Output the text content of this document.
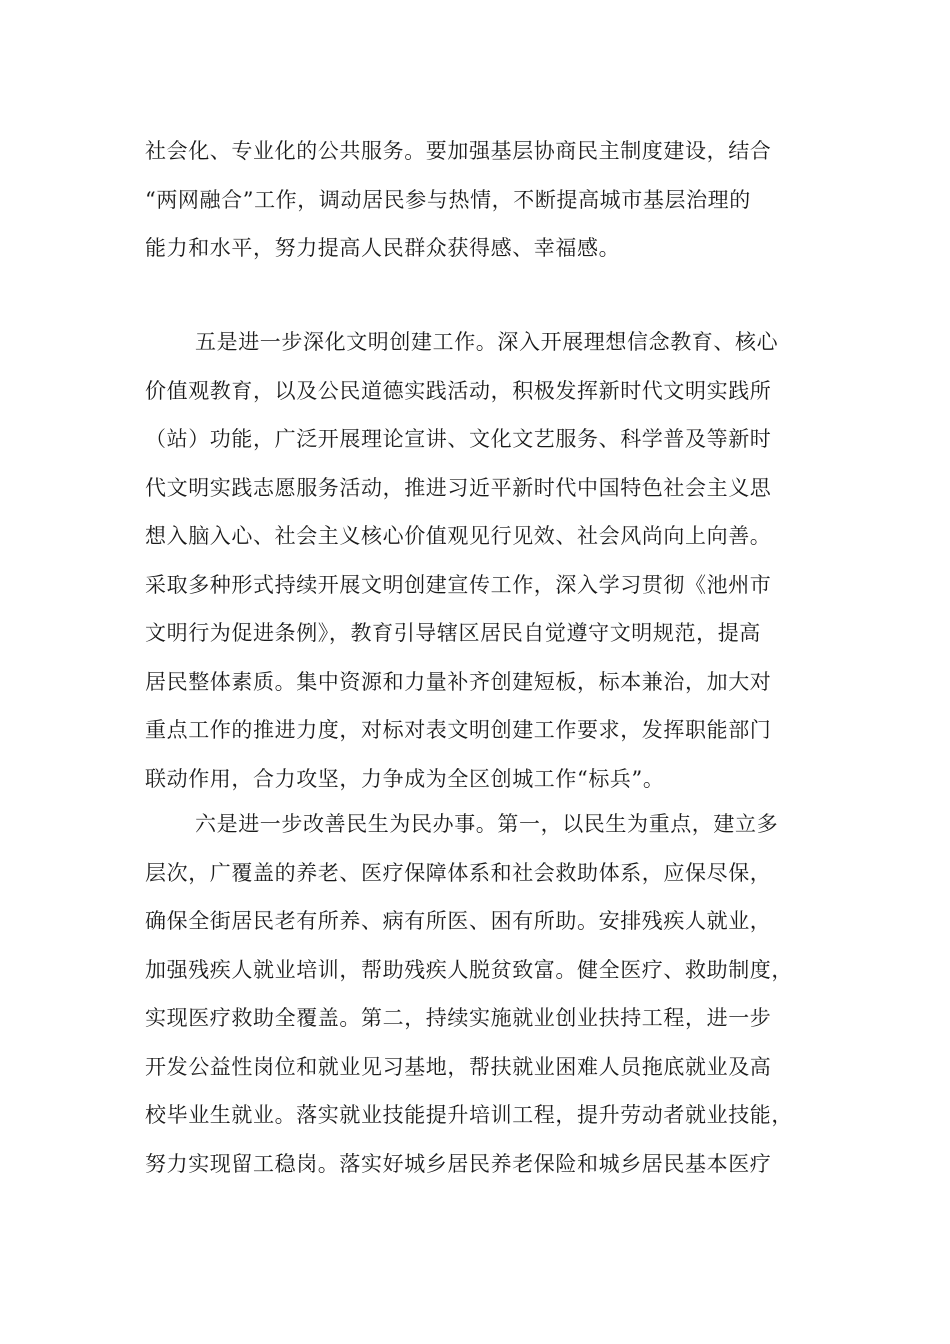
社会化、专业化的公共服务。要加强基层协商民主制度建设，结合
“两网融合”工作，调动居民参与热情，不断提高城市基层治理的
能力和水平，努力提高人民群众获得感、幸福感。
五是进一步深化文明创建工作。深入开展理想信念教育、核心
价值观教育，以及公民道德实践活动，积极发挥新时代文明实践所
（站）功能，广泛开展理论宣讲、文化文艺服务、科学普及等新时
代文明实践志愿服务活动，推进习近平新时代中国特色社会主义思
想入脑入心、社会主义核心价值观见行见效、社会风尚向上向善。
采取多种形式持续开展文明创建宣传工作，深入学习贯彻《池州市
文明行为促进条例》，教育引导辖区居民自觉遵守文明规范，提高
居民整体素质。集中资源和力量补齐创建短板，标本兼治，加大对
重点工作的推进力度，对标对表文明创建工作要求，发挥职能部门
联动作用，合力攻坚，力争成为全区创城工作“标兵”。
六是进一步改善民生为民办事。第一，以民生为重点，建立多
层次，广覆盖的养老、医疗保障体系和社会救助体系，应保尽保，
确保全街居民老有所养、病有所医、困有所助。安排残疾人就业，
加强残疾人就业培训，帮助残疾人脱贫致富。健全医疗、救助制度，
实现医疗救助全覆盖。第二，持续实施就业创业扶持工程，进一步
开发公益性岗位和就业见习基地，帮扶就业困难人员拖底就业及高
校毕业生就业。落实就业技能提升培训工程，提升劳动者就业技能，
努力实现留工稳岗。落实好城乡居民养老保险和城乡居民基本医疗
